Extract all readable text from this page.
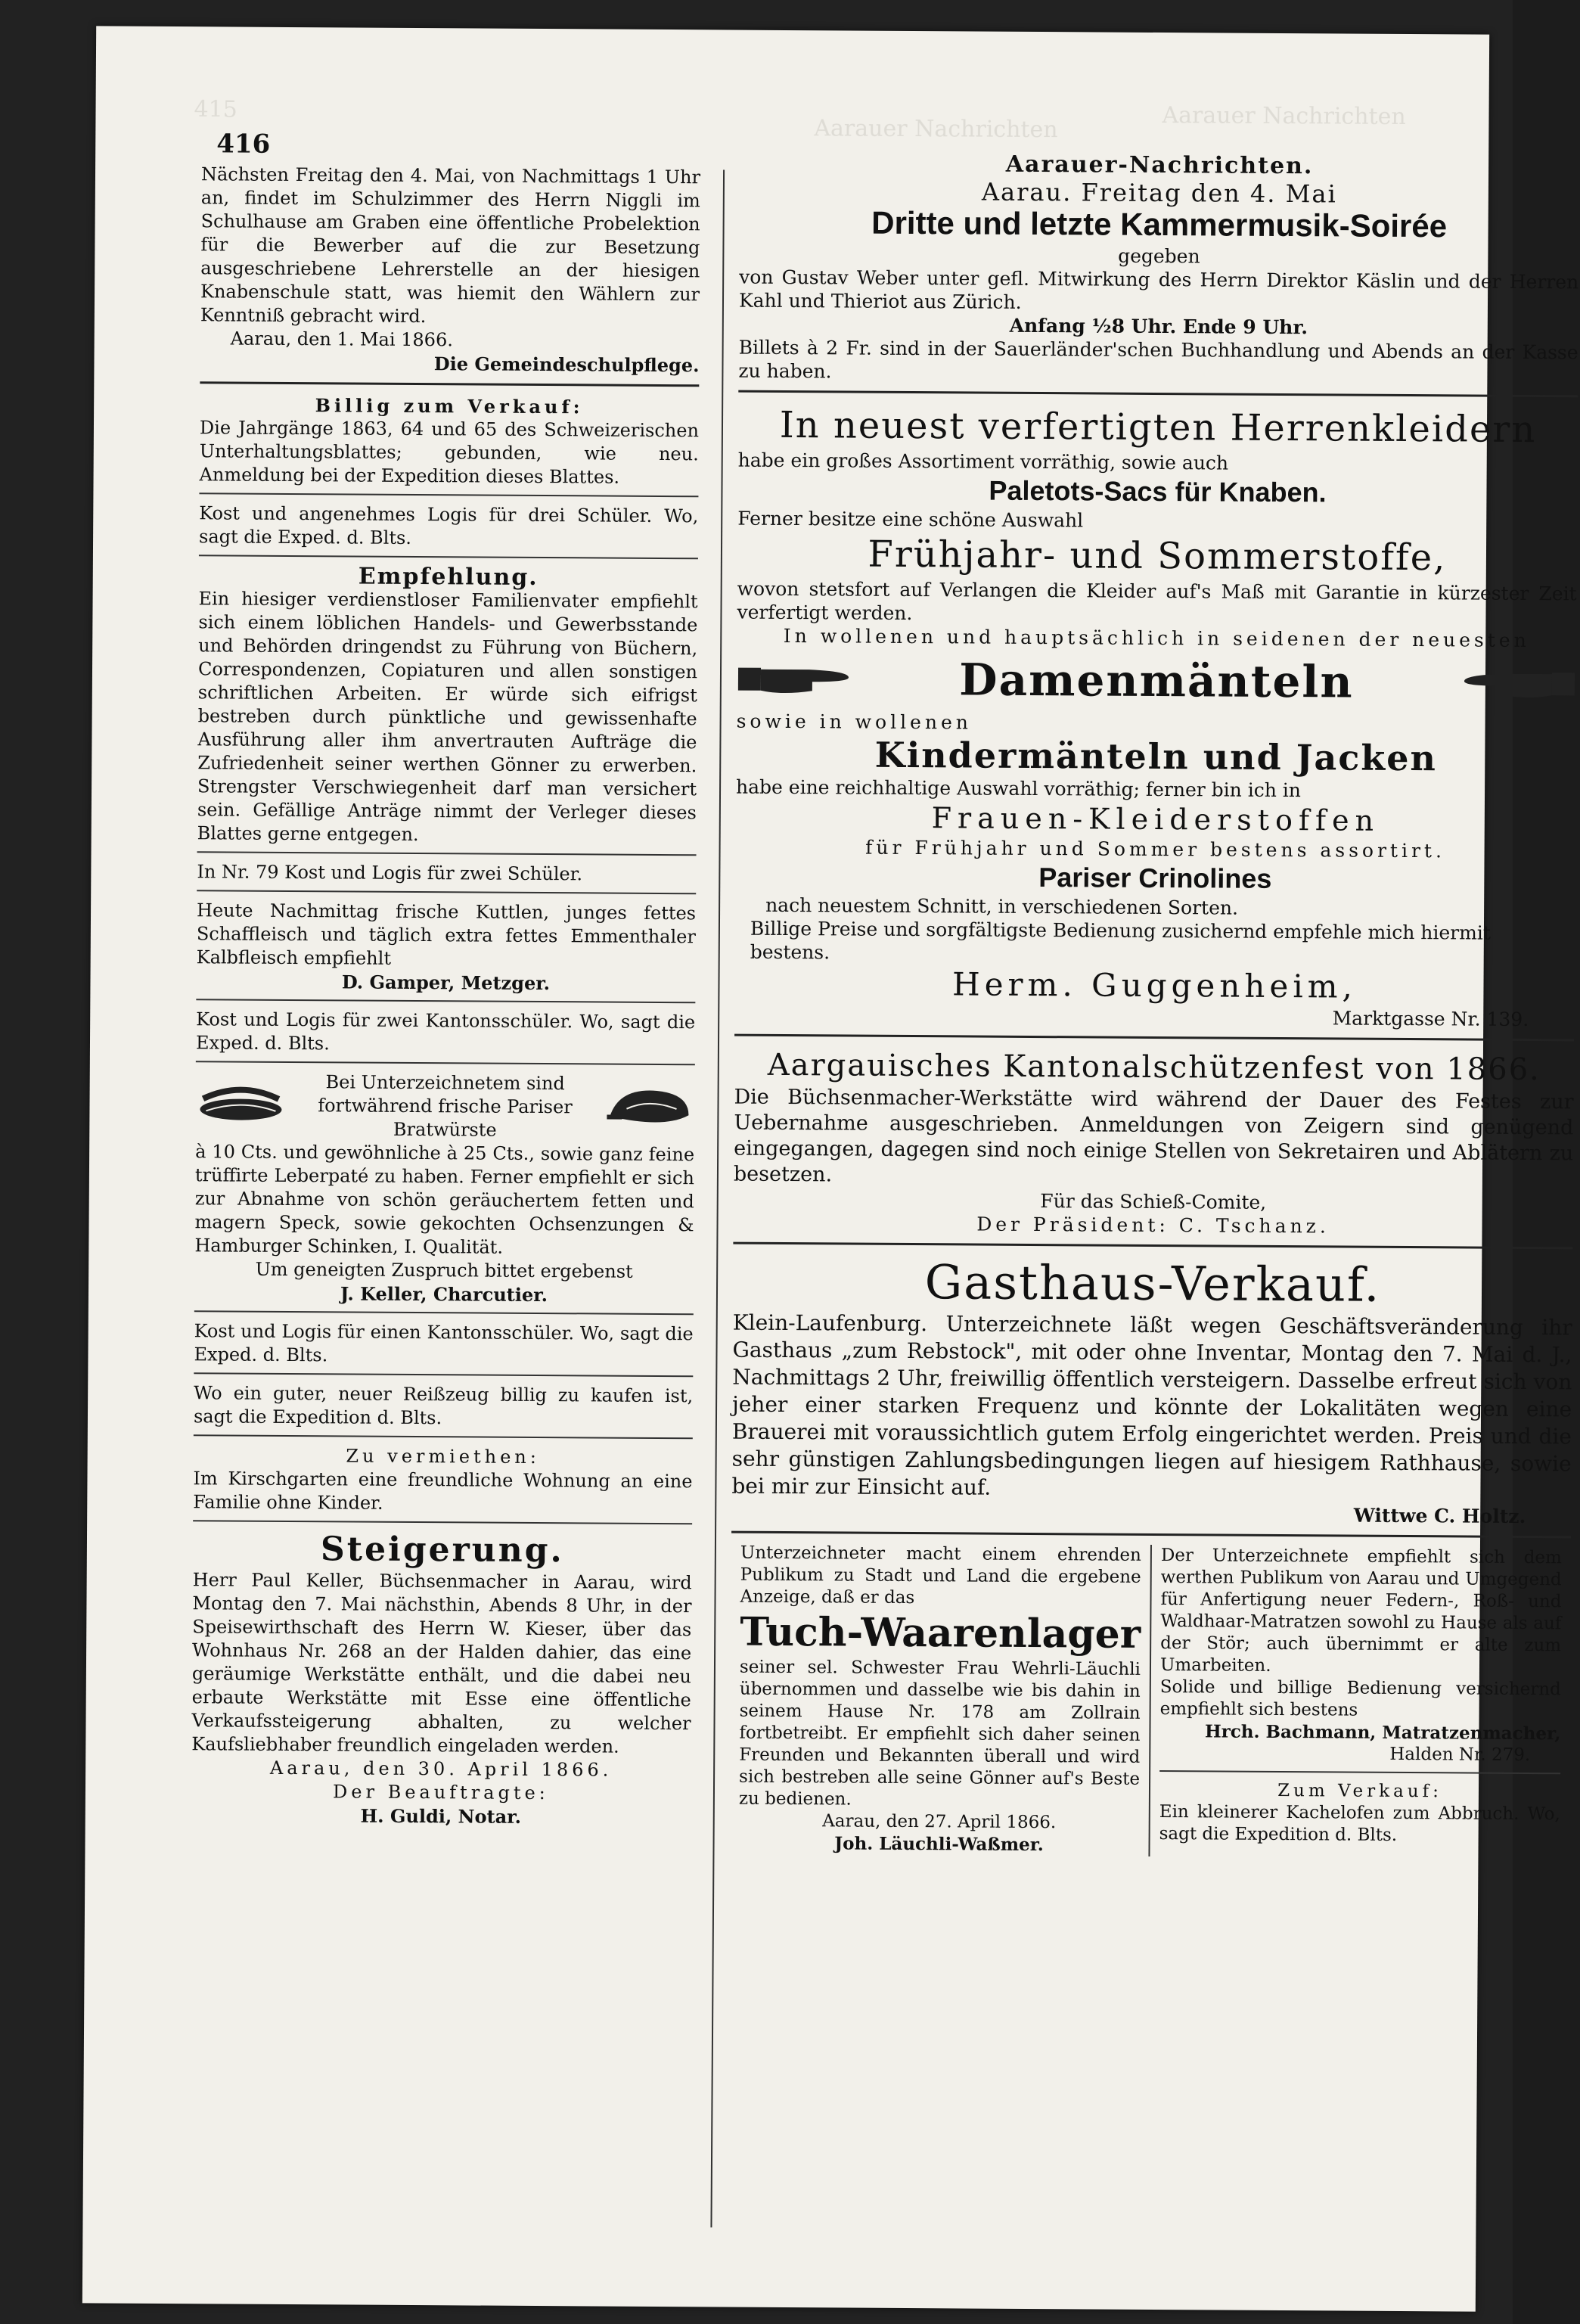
415
Aarauer Nachrichten	Aarauer Nachrichten
416
Nächsten Freitag den 4. Mai, von Nachmittags 1 Uhr an, findet im Schulzimmer des Herrn Niggli im Schulhause am Graben eine öffentliche Probelektion für die Bewerber auf die zur Besetzung ausgeschriebene Lehrerstelle an der hiesigen Knabenschule statt, was hiemit den Wählern zur Kenntniß gebracht wird.
Aarau, den 1. Mai 1866.
Die Gemeindeschulpflege.
Billig zum Verkauf:
Die Jahrgänge 1863, 64 und 65 des Schweizerischen Unterhaltungsblattes; gebunden, wie neu. Anmeldung bei der Expedition dieses Blattes.
Kost und angenehmes Logis für drei Schüler. Wo, sagt die Exped. d. Blts.
Empfehlung.
Ein hiesiger verdienstloser Familienvater empfiehlt sich einem löblichen Handels- und Gewerbsstande und Behörden dringendst zu Führung von Büchern, Correspondenzen, Copiaturen und allen sonstigen schriftlichen Arbeiten. Er würde sich eifrigst bestreben durch pünktliche und gewissenhafte Ausführung aller ihm anvertrauten Aufträge die Zufriedenheit seiner werthen Gönner zu erwerben. Strengster Verschwiegenheit darf man versichert sein. Gefällige Anträge nimmt der Verleger dieses Blattes gerne entgegen.
In Nr. 79 Kost und Logis für zwei Schüler.
Heute Nachmittag frische Kuttlen, junges fettes Schaffleisch und täglich extra fettes Emmenthaler Kalbfleisch empfiehlt
D. Gamper, Metzger.
Kost und Logis für zwei Kantonsschüler. Wo, sagt die Exped. d. Blts.
Bei Unterzeichnetem sind fortwährend frische Pariser Bratwürste
à 10 Cts. und gewöhnliche à 25 Cts., sowie ganz feine trüffirte Leberpaté zu haben. Ferner empfiehlt er sich zur Abnahme von schön geräuchertem fetten und magern Speck, sowie gekochten Ochsenzungen & Hamburger Schinken, I. Qualität.
Um geneigten Zuspruch bittet ergebenst
J. Keller, Charcutier.
Kost und Logis für einen Kantonsschüler. Wo, sagt die Exped. d. Blts.
Wo ein guter, neuer Reißzeug billig zu kaufen ist, sagt die Expedition d. Blts.
Zu vermiethen:
Im Kirschgarten eine freundliche Wohnung an eine Familie ohne Kinder.
Steigerung.
Herr Paul Keller, Büchsenmacher in Aarau, wird Montag den 7. Mai nächsthin, Abends 8 Uhr, in der Speisewirthschaft des Herrn W. Kieser, über das Wohnhaus Nr. 268 an der Halden dahier, das eine geräumige Werkstätte enthält, und die dabei neu erbaute Werkstätte mit Esse eine öffentliche Verkaufssteigerung abhalten, zu welcher Kaufsliebhaber freundlich eingeladen werden.
Aarau, den 30. April 1866.
Der Beauftragte:
H. Guldi, Notar.
Aarauer-Nachrichten.
Aarau. Freitag den 4. Mai
Dritte und letzte Kammermusik-Soirée
gegeben
von Gustav Weber unter gefl. Mitwirkung des Herrn Direktor Käslin und der Herren Kahl und Thieriot aus Zürich.
Anfang ½8 Uhr. Ende 9 Uhr.
Billets à 2 Fr. sind in der Sauerländer'schen Buchhandlung und Abends an der Kasse zu haben.
In neuest verfertigten Herrenkleidern
habe ein großes Assortiment vorräthig, sowie auch
Paletots-Sacs für Knaben.
Ferner besitze eine schöne Auswahl
Frühjahr- und Sommerstoffe,
wovon stetsfort auf Verlangen die Kleider auf's Maß mit Garantie in kürzester Zeit verfertigt werden.
In wollenen und hauptsächlich in seidenen der neuesten
Damenmänteln
sowie in wollenen
Kindermänteln und Jacken
habe eine reichhaltige Auswahl vorräthig; ferner bin ich in
Frauen-Kleiderstoffen
für Frühjahr und Sommer bestens assortirt.
Pariser Crinolines
nach neuestem Schnitt, in verschiedenen Sorten.
Billige Preise und sorgfältigste Bedienung zusichernd empfehle mich hiermit bestens.
Herm. Guggenheim,
Marktgasse Nr. 139.
Aargauisches Kantonalschützenfest von 1866.
Die Büchsenmacher-Werkstätte wird während der Dauer des Festes zur Uebernahme ausgeschrieben. Anmeldungen von Zeigern sind genügend eingegangen, dagegen sind noch einige Stellen von Sekretairen und Ablätern zu besetzen.
Für das Schieß-Comite,
Der Präsident: C. Tschanz.
Gasthaus-Verkauf.
Klein-Laufenburg. Unterzeichnete läßt wegen Geschäftsveränderung ihr Gasthaus „zum Rebstock", mit oder ohne Inventar, Montag den 7. Mai d. J., Nachmittags 2 Uhr, freiwillig öffentlich versteigern. Dasselbe erfreut sich von jeher einer starken Frequenz und könnte der Lokalitäten wegen eine Brauerei mit voraussichtlich gutem Erfolg eingerichtet werden. Preis und die sehr günstigen Zahlungsbedingungen liegen auf hiesigem Rathhause, sowie bei mir zur Einsicht auf.
Wittwe C. Holtz.
Unterzeichneter macht einem ehrenden Publikum zu Stadt und Land die ergebene Anzeige, daß er das
Tuch-Waarenlager
seiner sel. Schwester Frau Wehrli-Läuchli übernommen und dasselbe wie bis dahin in seinem Hause Nr. 178 am Zollrain fortbetreibt. Er empfiehlt sich daher seinen Freunden und Bekannten überall und wird sich bestreben alle seine Gönner auf's Beste zu bedienen.
Aarau, den 27. April 1866.
Joh. Läuchli-Waßmer.
Der Unterzeichnete empfiehlt sich dem werthen Publikum von Aarau und Umgegend für Anfertigung neuer Federn-, Roß- und Waldhaar-Matratzen sowohl zu Hause als auf der Stör; auch übernimmt er alte zum Umarbeiten.
Solide und billige Bedienung versichernd empfiehlt sich bestens
Hrch. Bachmann, Matratzenmacher,
Halden Nr. 279.
Zum Verkauf:
Ein kleinerer Kachelofen zum Abbruch. Wo, sagt die Expedition d. Blts.
